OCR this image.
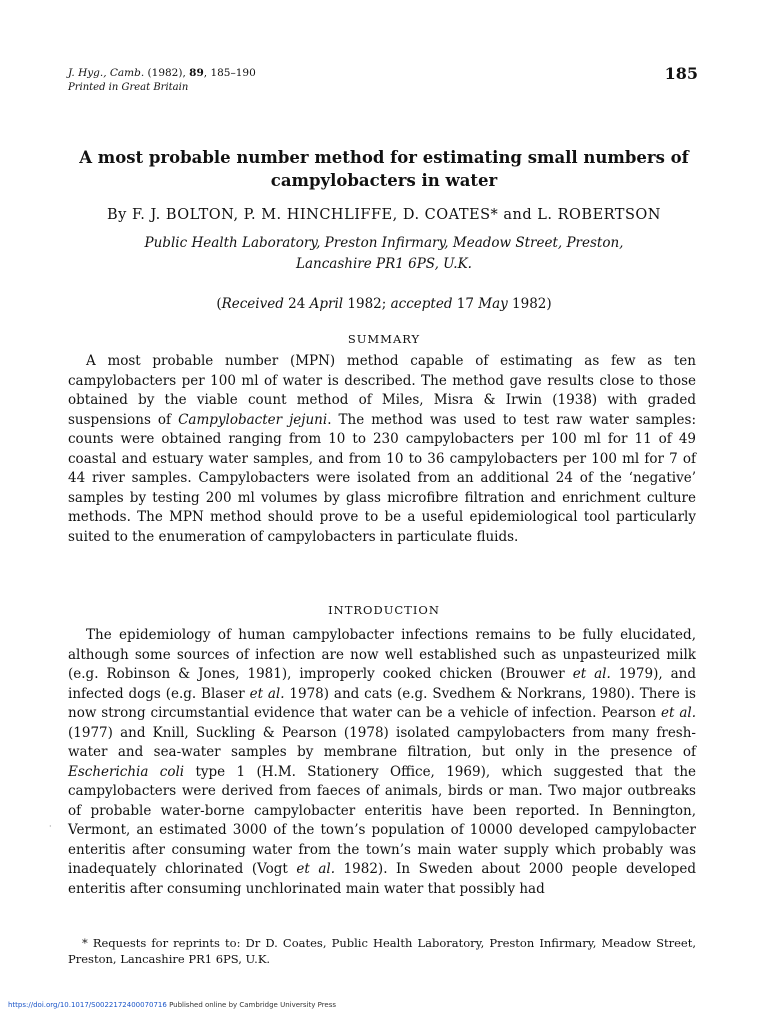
J. Hyg., Camb. (1982), 89, 185–190
Printed in Great Britain
185
A most probable number method for estimating small numbers of
campylobacters in water
By F. J. BOLTON, P. M. HINCHLIFFE, D. COATES* and L. ROBERTSON
Public Health Laboratory, Preston Infirmary, Meadow Street, Preston,
Lancashire PR1 6PS, U.K.
(Received 24 April 1982; accepted 17 May 1982)
SUMMARY

A most probable number (MPN) method capable of estimating as few as ten campylobacters per 100 ml of water is described. The method gave results close to those obtained by the viable count method of Miles, Misra & Irwin (1938) with graded suspensions of Campylobacter jejuni. The method was used to test raw water samples: counts were obtained ranging from 10 to 230 campylobacters per 100 ml for 11 of 49 coastal and estuary water samples, and from 10 to 36 campylobacters per 100 ml for 7 of 44 river samples. Campylobacters were isolated from an additional 24 of the ‘negative’ samples by testing 200 ml volumes by glass microfibre filtration and enrichment culture methods. The MPN method should prove to be a useful epidemiological tool particularly suited to the enumeration of campylobacters in particulate fluids.

INTRODUCTION

The epidemiology of human campylobacter infections remains to be fully elucidated, although some sources of infection are now well established such as unpasteurized milk (e.g. Robinson & Jones, 1981), improperly cooked chicken (Brouwer et al. 1979), and infected dogs (e.g. Blaser et al. 1978) and cats (e.g. Svedhem & Norkrans, 1980). There is now strong circumstantial evidence that water can be a vehicle of infection. Pearson et al. (1977) and Knill, Suckling & Pearson (1978) isolated campylobacters from many fresh-water and sea-water samples by membrane filtration, but only in the presence of Escherichia coli type 1 (H.M. Stationery Office, 1969), which suggested that the campylobacters were derived from faeces of animals, birds or man. Two major outbreaks of probable water-borne campylobacter enteritis have been reported. In Bennington, Vermont, an estimated 3000 of the town’s population of 10000 developed campylobacter enteritis after consuming water from the town’s main water supply which probably was inadequately chlorinated (Vogt et al. 1982). In Sweden about 2000 people developed enteritis after consuming unchlorinated main water that possibly had

·

* Requests for reprints to: Dr D. Coates, Public Health Laboratory, Preston Infirmary, Meadow Street, Preston, Lancashire PR1 6PS, U.K.

https://doi.org/10.1017/S0022172400070716 Published online by Cambridge University Press
